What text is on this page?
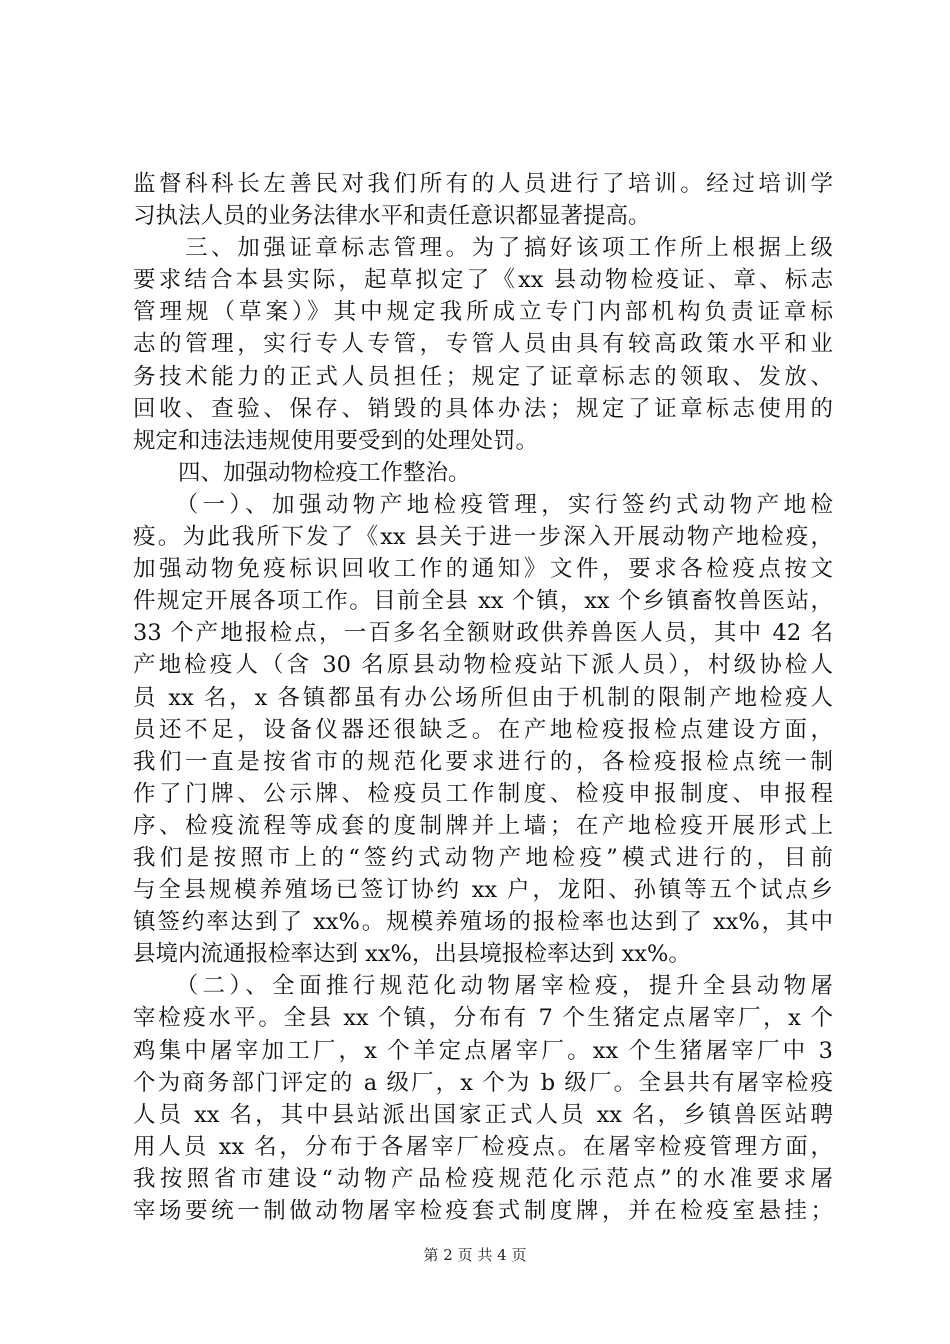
监督科科长左善民对我们所有的人员进行了培训。经过培训学
习执法人员的业务法律水平和责任意识都显著提高。
　　三、加强证章标志管理。为了搞好该项工作所上根据上级
要求结合本县实际，起草拟定了《xx 县动物检疫证、章、标志
管理规（草案）》其中规定我所成立专门内部机构负责证章标
志的管理，实行专人专管，专管人员由具有较高政策水平和业
务技术能力的正式人员担任；规定了证章标志的领取、发放、
回收、查验、保存、销毁的具体办法；规定了证章标志使用的
规定和违法违规使用要受到的处理处罚。
　　四、加强动物检疫工作整治。
　　（一）、加强动物产地检疫管理，实行签约式动物产地检
疫。为此我所下发了《xx 县关于进一步深入开展动物产地检疫，
加强动物免疫标识回收工作的通知》文件，要求各检疫点按文
件规定开展各项工作。目前全县 xx 个镇，xx 个乡镇畜牧兽医站，
33 个产地报检点，一百多名全额财政供养兽医人员，其中 42 名
产地检疫人（含 30 名原县动物检疫站下派人员），村级协检人
员 xx 名，x 各镇都虽有办公场所但由于机制的限制产地检疫人
员还不足，设备仪器还很缺乏。在产地检疫报检点建设方面，
我们一直是按省市的规范化要求进行的，各检疫报检点统一制
作了门牌、公示牌、检疫员工作制度、检疫申报制度、申报程
序、检疫流程等成套的度制牌并上墙；在产地检疫开展形式上
我们是按照市上的“签约式动物产地检疫”模式进行的，目前
与全县规模养殖场已签订协约 xx 户，龙阳、孙镇等五个试点乡
镇签约率达到了 xx%。规模养殖场的报检率也达到了 xx%，其中
县境内流通报检率达到 xx%，出县境报检率达到 xx%。
　　（二）、全面推行规范化动物屠宰检疫，提升全县动物屠
宰检疫水平。全县 xx 个镇，分布有 7 个生猪定点屠宰厂，x 个
鸡集中屠宰加工厂，x 个羊定点屠宰厂。xx 个生猪屠宰厂中 3
个为商务部门评定的 a 级厂，x 个为 b 级厂。全县共有屠宰检疫
人员 xx 名，其中县站派出国家正式人员 xx 名，乡镇兽医站聘
用人员 xx 名，分布于各屠宰厂检疫点。在屠宰检疫管理方面，
我按照省市建设“动物产品检疫规范化示范点”的水准要求屠
宰场要统一制做动物屠宰检疫套式制度牌，并在检疫室悬挂；
第 2 页 共 4 页
